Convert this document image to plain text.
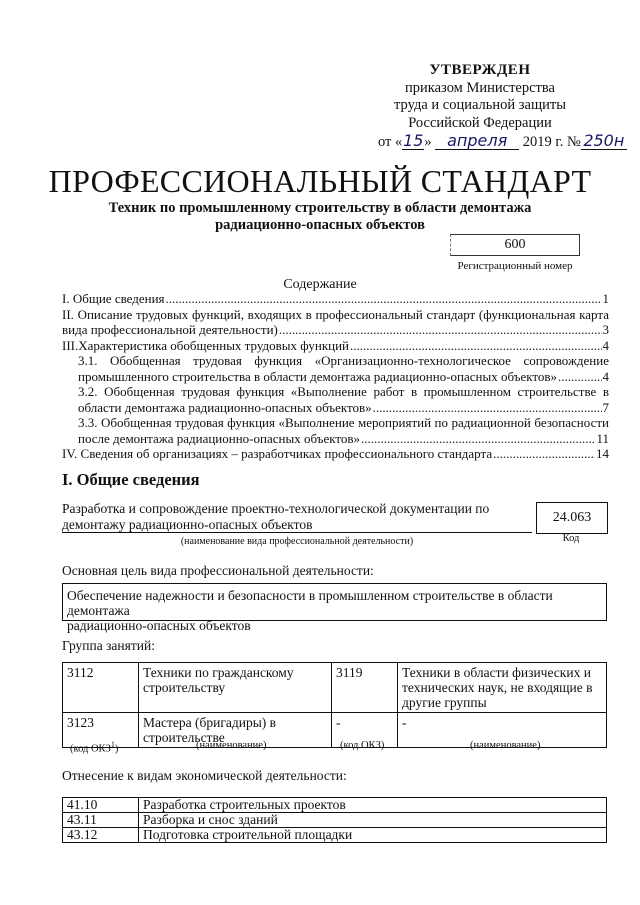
УТВЕРЖДЕН
приказом Министерства
труда и социальной защиты
Российской Федерации
от «15» апреля 2019 г. № 250н
ПРОФЕССИОНАЛЬНЫЙ СТАНДАРТ
Техник по промышленному строительству в области демонтажа
радиационно-опасных объектов
600
Регистрационный номер
Содержание
I. Общие сведения .....	1
II. Описание трудовых функций, входящих в профессиональный стандарт (функциональная карта
вида профессиональной деятельности) .....	3
III.Характеристика обобщенных трудовых функций .....	4
3.1. Обобщенная трудовая функция «Организационно-технологическое сопровождение
промышленного строительства в области демонтажа радиационно-опасных объектов» .....	4
3.2. Обобщенная трудовая функция «Выполнение работ в промышленном строительстве в
области демонтажа радиационно-опасных объектов» .....	7
3.3. Обобщенная трудовая функция «Выполнение мероприятий по радиационной безопасности
после демонтажа радиационно-опасных объектов» .....	11
IV. Сведения об организациях – разработчиках профессионального стандарта .....	14
I. Общие сведения
Разработка и сопровождение проектно-технологической документации по
демонтажу радиационно-опасных объектов	24.063
(наименование вида профессиональной деятельности)	Код
Основная цель вида профессиональной деятельности:
Обеспечение надежности и безопасности в промышленном строительстве в области демонтажа
радиационно-опасных объектов
Группа занятий:
3112	Техники по гражданскому строительству	3119	Техники в области физических и технических наук, не входящие в другие группы
3123	Мастера (бригадиры) в строительстве	-	-
(код ОКЗ$^1$)	(наименование)	(код ОКЗ)	(наименование)
Отнесение к видам экономической деятельности:
41.10	Разработка строительных проектов
43.11	Разборка и снос зданий
43.12	Подготовка строительной площадки
